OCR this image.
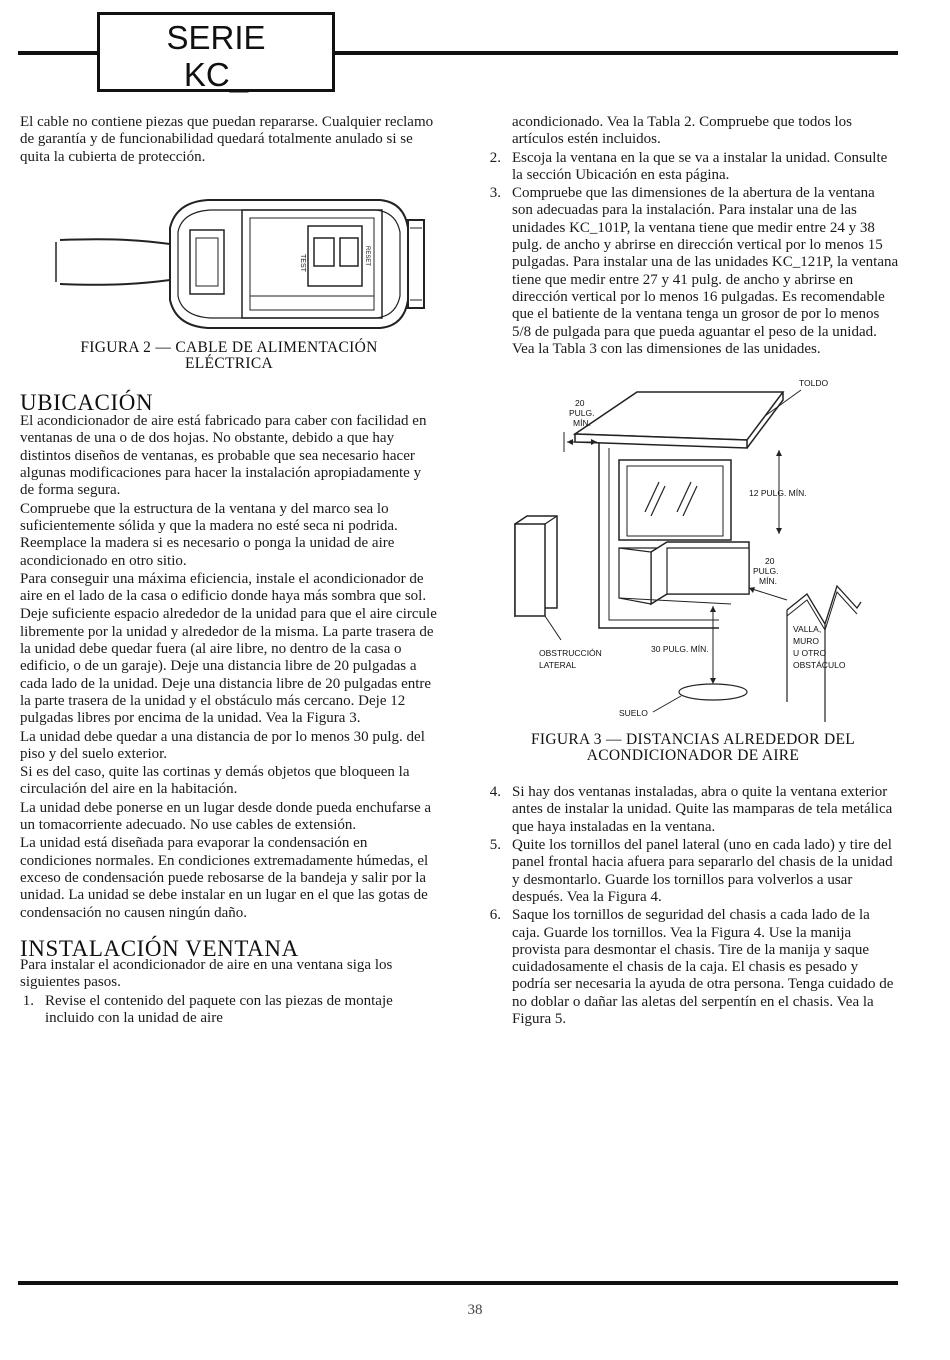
SERIE
KC_

El cable no contiene piezas que puedan repararse. Cualquier reclamo de garantía y de funcionabilidad quedará totalmente anulado si se quita la cubierta de protección.

TEST	RESET
FIGURA 2 — CABLE DE ALIMENTACIÓN
ELÉCTRICA
UBICACIÓN

El acondicionador de aire está fabricado para caber con facilidad en ventanas de una o de dos hojas. No obstante, debido a que hay distintos diseños de ventanas, es probable que sea necesario hacer algunas modificaciones para hacer la instalación apropiadamente y de forma segura.

Compruebe que la estructura de la ventana y del marco sea lo suficientemente sólida y que la madera no esté seca ni podrida. Reemplace la madera si es necesario o ponga la unidad de aire acondicionado en otro sitio.

Para conseguir una máxima eficiencia, instale el acondicionador de aire en el lado de la casa o edificio donde haya más sombra que sol.

Deje suficiente espacio alrededor de la unidad para que el aire circule libremente por la unidad y alrededor de la misma. La parte trasera de la unidad debe quedar fuera (al aire libre, no dentro de la casa o edificio, o de un garaje). Deje una distancia libre de 20 pulgadas a cada lado de la unidad. Deje una distancia libre de 20 pulgadas entre la parte trasera de la unidad y el obstáculo más cercano. Deje 12 pulgadas libres por encima de la unidad. Vea la Figura 3.

La unidad debe quedar a una distancia de por lo menos 30 pulg. del piso y del suelo exterior.

Si es del caso, quite las cortinas y demás objetos que bloqueen la circulación del aire en la habitación.

La unidad debe ponerse en un lugar desde donde pueda enchufarse a un tomacorriente adecuado. No use cables de extensión.

La unidad está diseñada para evaporar la condensación en condiciones normales. En condiciones extremadamente húmedas, el exceso de condensación puede rebosarse de la bandeja y salir por la unidad. La unidad se debe instalar en un lugar en el que las gotas de condensación no causen ningún daño.

INSTALACIÓN VENTANA

Para instalar el acondicionador de aire en una ventana siga los siguientes pasos.

1. Revise el contenido del paquete con las piezas de montaje incluido con la unidad de aire
acondicionado. Vea la Tabla 2. Compruebe que todos los artículos estén incluidos.
2. Escoja la ventana en la que se va a instalar la unidad. Consulte la sección Ubicación en esta página.
3. Compruebe que las dimensiones de la abertura de la ventana son adecuadas para la instalación. Para instalar una de las unidades KC_101P, la ventana tiene que medir entre 24 y 38 pulg. de ancho y abrirse en dirección vertical por lo menos 15 pulgadas. Para instalar una de las unidades KC_121P, la ventana tiene que medir entre 27 y 41 pulg. de ancho y abrirse en dirección vertical por lo menos 16 pulgadas. Es recomendable que el batiente de la ventana tenga un grosor de por lo menos 5/8 de pulgada para que pueda aguantar el peso de la unidad. Vea la Tabla 3 con las dimensiones de las unidades.
20
PULG.
MÍN.
TOLDO
12 PULG. MÍN.
20
PULG.
MÍN.
OBSTRUCCIÓN
LATERAL
30 PULG. MÍN.
VALLA,
MURO
U OTRO
OBSTÁCULO
SUELO
FIGURA 3 — DISTANCIAS ALREDEDOR DEL
ACONDICIONADOR DE AIRE
4. Si hay dos ventanas instaladas, abra o quite la ventana exterior antes de instalar la unidad. Quite las mamparas de tela metálica que haya instaladas en la ventana.
5. Quite los tornillos del panel lateral (uno en cada lado) y tire del panel frontal hacia afuera para separarlo del chasis de la unidad y desmontarlo. Guarde los tornillos para volverlos a usar después. Vea la Figura 4.
6. Saque los tornillos de seguridad del chasis a cada lado de la caja. Guarde los tornillos. Vea la Figura 4. Use la manija provista para desmontar el chasis. Tire de la manija y saque cuidadosamente el chasis de la caja. El chasis es pesado y podría ser necesaria la ayuda de otra persona. Tenga cuidado de no doblar o dañar las aletas del serpentín en el chasis. Vea la Figura 5.
38
